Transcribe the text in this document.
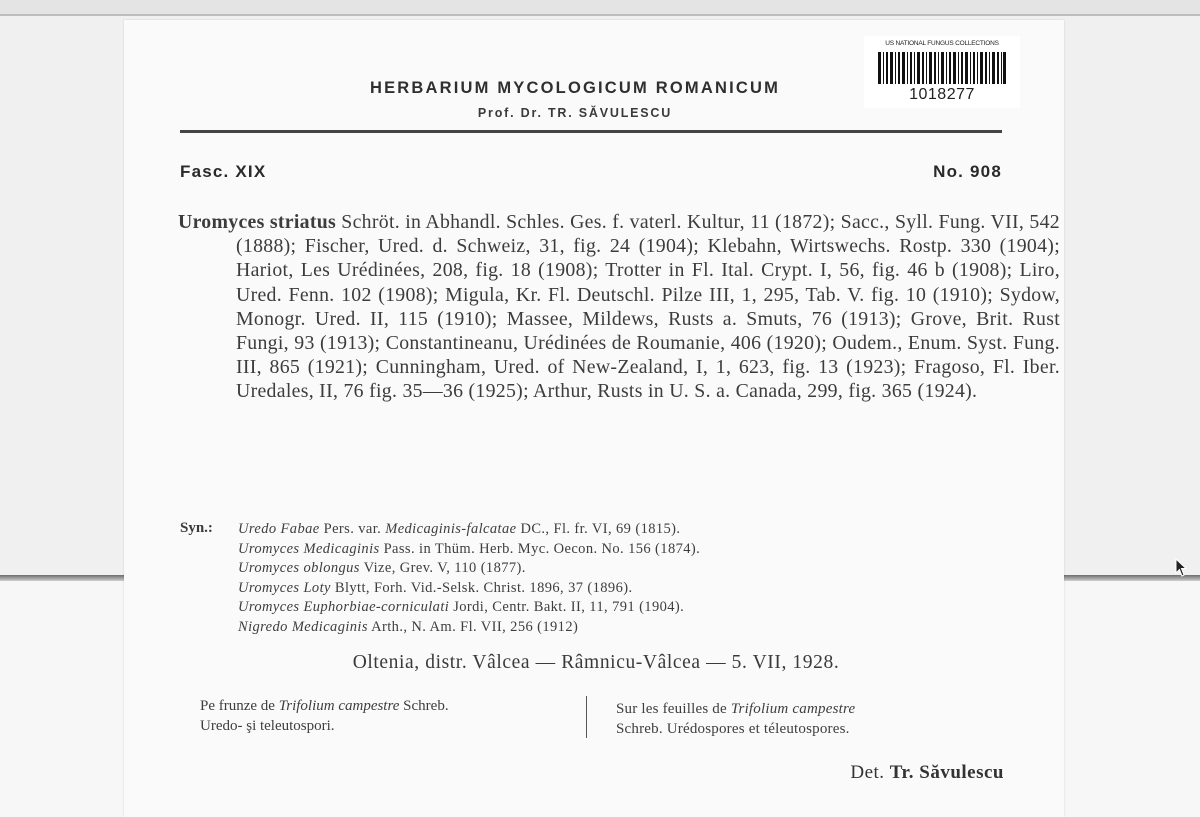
US NATIONAL FUNGUS COLLECTIONS
1018277
HERBARIUM MYCOLOGICUM ROMANICUM
Prof. Dr. TR. SĂVULESCU
Fasc. XIX	No. 908
Uromyces striatus Schröt. in Abhandl. Schles. Ges. f. vaterl. Kultur, 11 (1872); Sacc., Syll. Fung. VII, 542 (1888); Fischer, Ured. d. Schweiz, 31, fig. 24 (1904); Klebahn, Wirtswechs. Rostp. 330 (1904); Hariot, Les Urédinées, 208, fig. 18 (1908); Trotter in Fl. Ital. Crypt. I, 56, fig. 46 b (1908); Liro, Ured. Fenn. 102 (1908); Migula, Kr. Fl. Deutschl. Pilze III, 1, 295, Tab. V. fig. 10 (1910); Sydow, Monogr. Ured. II, 115 (1910); Massee, Mildews, Rusts a. Smuts, 76 (1913); Grove, Brit. Rust Fungi, 93 (1913); Constantineanu, Urédinées de Roumanie, 406 (1920); Oudem., Enum. Syst. Fung. III, 865 (1921); Cunningham, Ured. of New-Zealand, I, 1, 623, fig. 13 (1923); Fragoso, Fl. Iber. Uredales, II, 76 fig. 35—36 (1925); Arthur, Rusts in U. S. a. Canada, 299, fig. 365 (1924).
Syn.: Uredo Fabae Pers. var. Medicaginis-falcatae DC., Fl. fr. VI, 69 (1815).
Uromyces Medicaginis Pass. in Thüm. Herb. Myc. Oecon. No. 156 (1874).
Uromyces oblongus Vize, Grev. V, 110 (1877).
Uromyces Loty Blytt, Forh. Vid.-Selsk. Christ. 1896, 37 (1896).
Uromyces Euphorbiae-corniculati Jordi, Centr. Bakt. II, 11, 791 (1904).
Nigredo Medicaginis Arth., N. Am. Fl. VII, 256 (1912)
Oltenia, distr. Vâlcea — Râmnicu-Vâlcea — 5. VII, 1928.
Pe frunze de Trifolium campestre Schreb.
Uredo- şi teleutospori.
Sur les feuilles de Trifolium campestre
Schreb. Urédospores et téleutospores.
Det. Tr. Săvulescu
